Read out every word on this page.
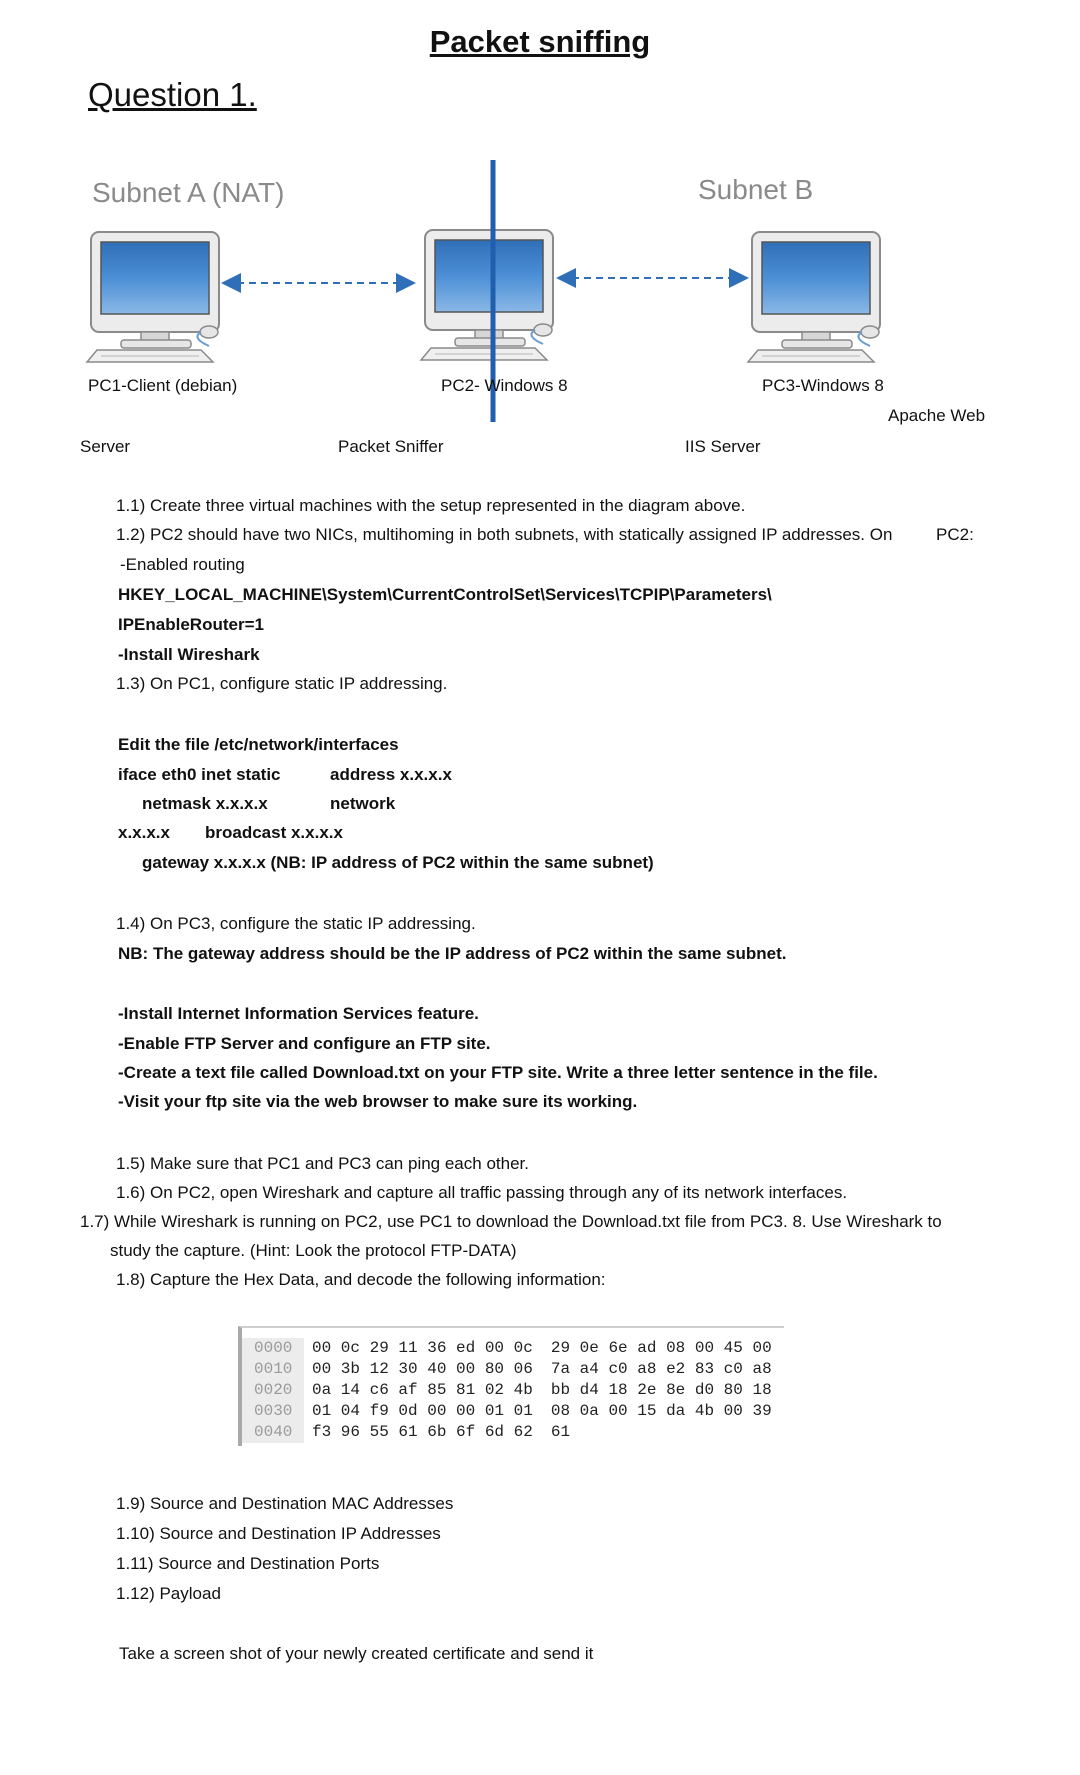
Packet sniffing
Question 1.
Subnet A (NAT)	Subnet B
PC1-Client (debian)	PC2- Windows 8	PC3-Windows 8
Apache Web
Server	Packet Sniffer	IIS Server
1.1) Create three virtual machines with the setup represented in the diagram above.
1.2) PC2 should have two NICs, multihoming in both subnets, with statically assigned IP addresses. On	PC2:
-Enabled routing
HKEY_LOCAL_MACHINE\System\CurrentControlSet\Services\TCPIP\Parameters\
IPEnableRouter=1
-Install Wireshark
1.3) On PC1, configure static IP addressing.
Edit the file /etc/network/interfaces
iface eth0 inet static	address x.x.x.x
netmask x.x.x.x	network
x.x.x.x broadcast x.x.x.x
gateway x.x.x.x (NB: IP address of PC2 within the same subnet)
1.4) On PC3, configure the static IP addressing.
NB: The gateway address should be the IP address of PC2 within the same subnet.
-Install Internet Information Services feature.
-Enable FTP Server and configure an FTP site.
-Create a text file called Download.txt on your FTP site. Write a three letter sentence in the file.
-Visit your ftp site via the web browser to make sure its working.
1.5) Make sure that PC1 and PC3 can ping each other.
1.6) On PC2, open Wireshark and capture all traffic passing through any of its network interfaces.
1.7) While Wireshark is running on PC2, use PC1 to download the Download.txt file from PC3. 8. Use Wireshark to
study the capture. (Hint: Look the protocol FTP-DATA)
1.8) Capture the Hex Data, and decode the following information:
0000 00 0c 29 11 36 ed 00 0c 29 0e 6e ad 08 00 45 00
0010 00 3b 12 30 40 00 80 06 7a a4 c0 a8 e2 83 c0 a8
0020 0a 14 c6 af 85 81 02 4b bb d4 18 2e 8e d0 80 18
0030 01 04 f9 0d 00 00 01 01 08 0a 00 15 da 4b 00 39
0040 f3 96 55 61 6b 6f 6d 62 61
1.9) Source and Destination MAC Addresses
1.10) Source and Destination IP Addresses
1.11) Source and Destination Ports
1.12) Payload
Take a screen shot of your newly created certificate and send it
